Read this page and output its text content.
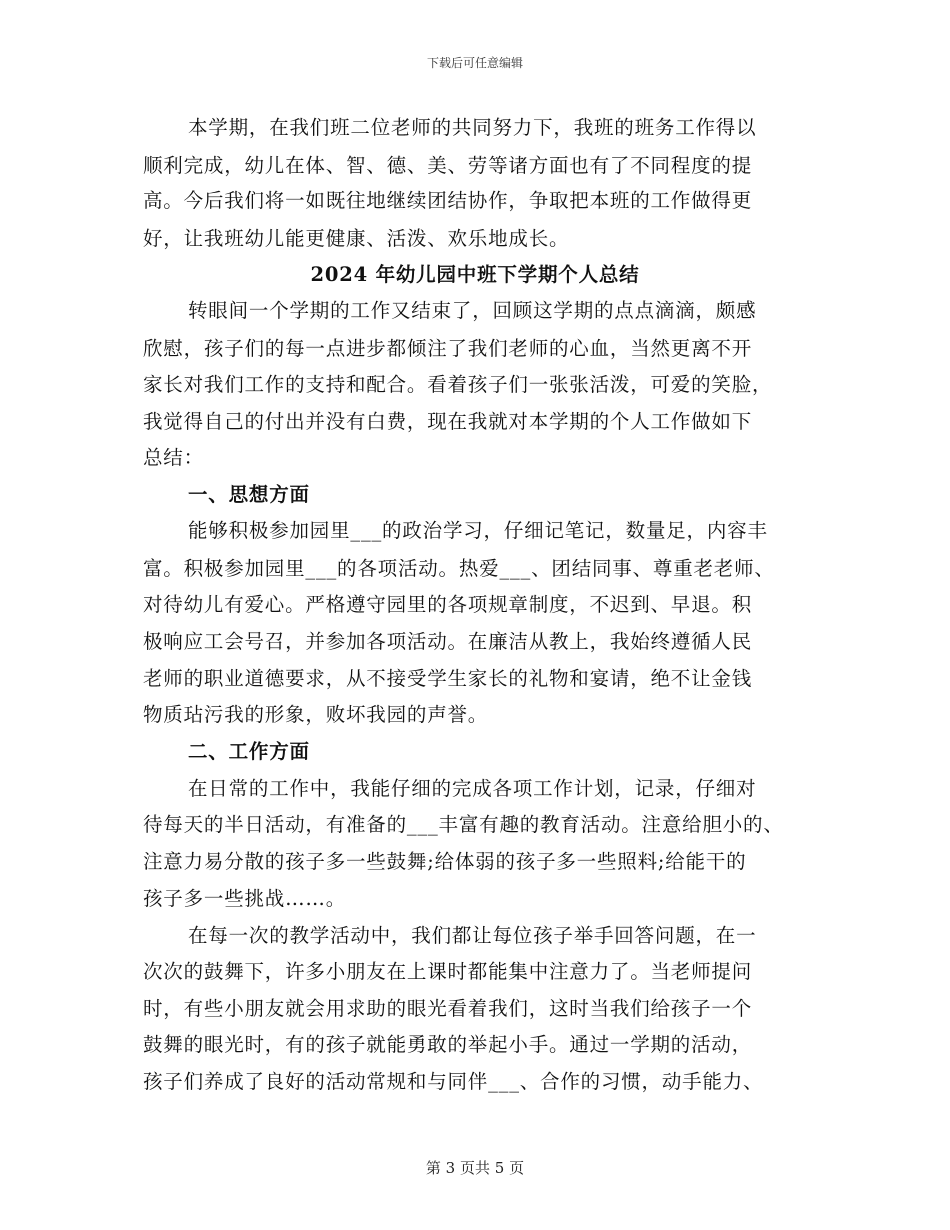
下载后可任意编辑
本学期，在我们班二位老师的共同努力下，我班的班务工作得以
顺利完成，幼儿在体、智、德、美、劳等诸方面也有了不同程度的提
高。今后我们将一如既往地继续团结协作，争取把本班的工作做得更
好，让我班幼儿能更健康、活泼、欢乐地成长。
2024 年幼儿园中班下学期个人总结
转眼间一个学期的工作又结束了，回顾这学期的点点滴滴，颇感
欣慰，孩子们的每一点进步都倾注了我们老师的心血，当然更离不开
家长对我们工作的支持和配合。看着孩子们一张张活泼，可爱的笑脸，
我觉得自己的付出并没有白费，现在我就对本学期的个人工作做如下
总结：
一、思想方面
能够积极参加园里___的政治学习，仔细记笔记，数量足，内容丰
富。积极参加园里___的各项活动。热爱___、团结同事、尊重老老师、
对待幼儿有爱心。严格遵守园里的各项规章制度，不迟到、早退。积
极响应工会号召，并参加各项活动。在廉洁从教上，我始终遵循人民
老师的职业道德要求，从不接受学生家长的礼物和宴请，绝不让金钱
物质玷污我的形象，败坏我园的声誉。
二、工作方面
在日常的工作中，我能仔细的完成各项工作计划，记录，仔细对
待每天的半日活动，有准备的___丰富有趣的教育活动。注意给胆小的、
注意力易分散的孩子多一些鼓舞;给体弱的孩子多一些照料;给能干的
孩子多一些挑战……。
在每一次的教学活动中，我们都让每位孩子举手回答问题，在一
次次的鼓舞下，许多小朋友在上课时都能集中注意力了。当老师提问
时，有些小朋友就会用求助的眼光看着我们，这时当我们给孩子一个
鼓舞的眼光时，有的孩子就能勇敢的举起小手。通过一学期的活动，
孩子们养成了良好的活动常规和与同伴___、合作的习惯，动手能力、
第 3 页共 5 页
